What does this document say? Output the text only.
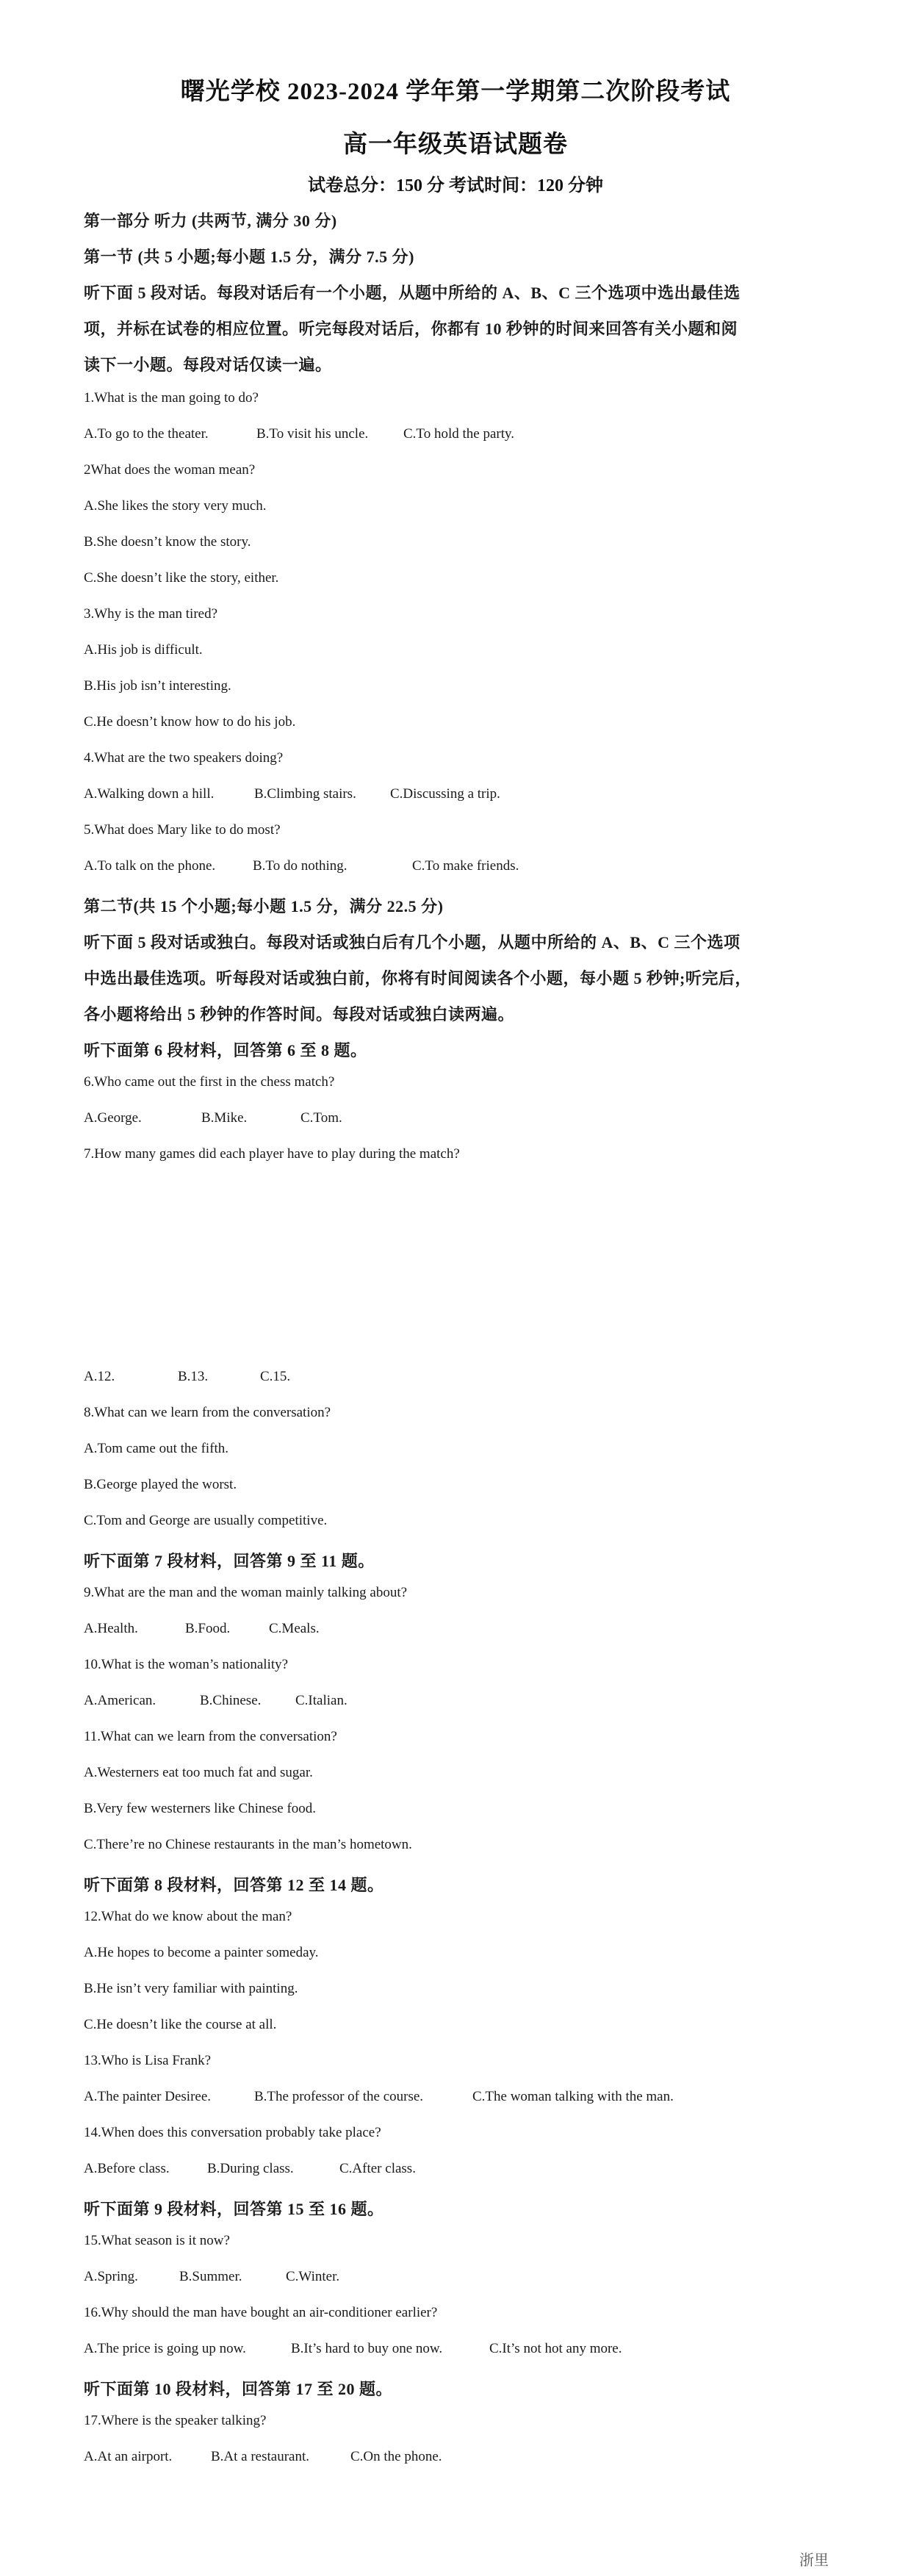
曙光学校 2023-2024 学年第一学期第二次阶段考试
高一年级英语试题卷
试卷总分：150 分 考试时间：120 分钟
第一部分 听力 (共两节, 满分 30 分)
第一节 (共 5 小题;每小题 1.5 分，满分 7.5 分)
听下面 5 段对话。每段对话后有一个小题，从题中所给的 A、B、C 三个选项中选出最佳选
项，并标在试卷的相应位置。听完每段对话后，你都有 10 秒钟的时间来回答有关小题和阅
读下一小题。每段对话仅读一遍。
1.What is the man going to do?
A.To go to the theater.	B.To visit his uncle.	C.To hold the party.
2What does the woman mean?
A.She likes the story very much.
B.She doesn’t know the story.
C.She doesn’t like the story, either.
3.Why is the man tired?
A.His job is difficult.
B.His job isn’t interesting.
C.He doesn’t know how to do his job.
4.What are the two speakers doing?
A.Walking down a hill.	B.Climbing stairs. C.Discussing a trip.
5.What does Mary like to do most?
A.To talk on the phone.	B.To do nothing.	C.To make friends.
第二节(共 15 个小题;每小题 1.5 分，满分 22.5 分)
听下面 5 段对话或独白。每段对话或独白后有几个小题，从题中所给的 A、B、C 三个选项
中选出最佳选项。听每段对话或独白前，你将有时间阅读各个小题，每小题 5 秒钟;听完后，
各小题将给出 5 秒钟的作答时间。每段对话或独白读两遍。
听下面第 6 段材料，回答第 6 至 8 题。
6.Who came out the first in the chess match?
A.George.	B.Mike.	C.Tom.
7.How many games did each player have to play during the match?
A.12.	B.13.	C.15.
8.What can we learn from the conversation?
A.Tom came out the fifth.
B.George played the worst.
C.Tom and George are usually competitive.
听下面第 7 段材料，回答第 9 至 11 题。
9.What are the man and the woman mainly talking about?
A.Health.	B.Food.	C.Meals.
10.What is the woman’s nationality?
A.American.	B.Chinese. C.Italian.
11.What can we learn from the conversation?
A.Westerners eat too much fat and sugar.
B.Very few westerners like Chinese food.
C.There’re no Chinese restaurants in the man’s hometown.
听下面第 8 段材料，回答第 12 至 14 题。
12.What do we know about the man?
A.He hopes to become a painter someday.
B.He isn’t very familiar with painting.
C.He doesn’t like the course at all.
13.Who is Lisa Frank?
A.The painter Desiree.	B.The professor of the course.	C.The woman talking with the man.
14.When does this conversation probably take place?
A.Before class.	B.During class.	C.After class.
听下面第 9 段材料，回答第 15 至 16 题。
15.What season is it now?
A.Spring.	B.Summer.	C.Winter.
16.Why should the man have bought an air-conditioner earlier?
A.The price is going up now.	B.It’s hard to buy one now.	C.It’s not hot any more.
听下面第 10 段材料，回答第 17 至 20 题。
17.Where is the speaker talking?
A.At an airport.	B.At a restaurant.	C.On the phone.
浙里
